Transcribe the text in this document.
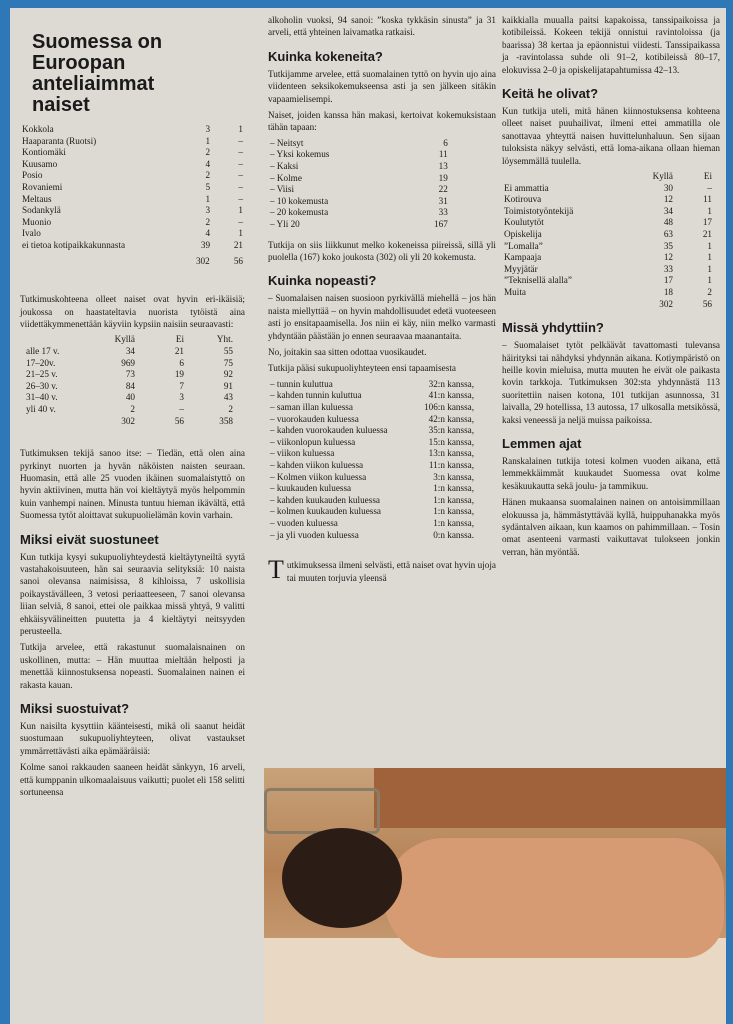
Suomessa on Euroopan anteliaimmat naiset
Kokkola	3	1
Haaparanta (Ruotsi)	1	–
Kontiomäki	2	–
Kuusamo	4	–
Posio	2	–
Rovaniemi	5	–
Meltaus	1	–
Sodankylä	3	1
Muonio	2	–
Ivalo	4	1
ei tietoa kotipaikkakunnasta	39	21
	302	56

Tutkimuskohteena olleet naiset ovat hyvin eri-ikäisiä; joukossa on haastateltavia nuorista tytöistä aina viidettäkymmenettään käyviin kypsiin naisiin seuraavasti:

	Kyllä	Ei	Yht.
alle 17 v.	34	21	55
17–20v.	969	6	75
21–25 v.	73	19	92
26–30 v.	84	7	91
31–40 v.	40	3	43
yli 40 v.	2	–	2
	302	56	358

Tutkimuksen tekijä sanoo itse: – Tiedän, että olen aina pyrkinyt nuorten ja hyvän näköisten naisten seuraan. Huomasin, että alle 25 vuoden ikäinen suomalaistyttö on hyvin aktiivinen, mutta hän voi kieltäytyä myös helpommin kuin vanhempi nainen. Minusta tuntuu hieman ikävältä, että Suomessa tytöt aloittavat sukupuolielämän kovin varhain.

Miksi eivät suostuneet

Kun tutkija kysyi sukupuoliyhteydestä kieltäytyneiltä syytä vastahakoisuuteen, hän sai seuraavia selityksiä: 10 naista sanoi olevansa naimisissa, 8 kihloissa, 7 uskollisia poikaystävälleen, 3 vetosi periaatteeseen, 7 sanoi olevansa liian selviä, 8 sanoi, ettei ole paikkaa missä yhtyä, 9 valitti ehkäisyvälineitten puutetta ja 4 kieltäytyi neitsyyden perusteella.

Tutkija arvelee, että rakastunut suomalaisnainen on uskollinen, mutta: – Hän muuttaa mieltään helposti ja menettää kiinnostuksensa nopeasti. Suomalainen nainen ei rakasta kauan.

Miksi suostuivat?

Kun naisilta kysyttiin käänteisesti, mikä oli saanut heidät suostumaan sukupuoliyhteyteen, olivat vastaukset ymmärrettävästi aika epämääräisiä:

Kolme sanoi rakkauden saaneen heidät sänkyyn, 16 arveli, että kumppanin ulkomaalaisuus vaikutti; puolet eli 158 selitti sortuneensa

alkoholin vuoksi, 94 sanoi: ”koska tykkäsin sinusta” ja 31 arveli, että yhteinen laivamatka ratkaisi.

Kuinka kokeneita?

Tutkijamme arvelee, että suomalainen tyttö on hyvin ujo aina viidenteen seksikokemukseensa asti ja sen jälkeen sitäkin vapaamielisempi.

Naiset, joiden kanssa hän makasi, kertoivat kokemuksistaan tähän tapaan:

– Neitsyt	6
– Yksi kokemus	11
– Kaksi	13
– Kolme	19
– Viisi	22
– 10 kokemusta	31
– 20 kokemusta	33
– Yli 20	167

Tutkija on siis liikkunut melko kokeneissa piireissä, sillä yli puolella (167) koko joukosta (302) oli yli 20 kokemusta.

Kuinka nopeasti?

– Suomalaisen naisen suosioon pyrkivällä miehellä – jos hän naista miellyttää – on hyvin mahdollisuudet edetä vuoteeseen asti jo ensitapaamisella. Jos niin ei käy, niin melko varmasti yhdyntään päästään jo ennen seuraavaa maanantaita.

No, joitakin saa sitten odottaa vuosikaudet.

Tutkija pääsi sukupuoliyhteyteen ensi tapaamisesta

– tunnin kuluttua	32:n kanssa,
– kahden tunnin kuluttua	41:n kanssa,
– saman illan kuluessa	106:n kanssa,
– vuorokauden kuluessa	42:n kanssa,
– kahden vuorokauden kuluessa	35:n kanssa,
– viikonlopun kuluessa	15:n kanssa,
– viikon kuluessa	13:n kanssa,
– kahden viikon kuluessa	11:n kanssa,
– Kolmen viikon kuluessa	3:n kanssa,
– kuukauden kuluessa	1:n kanssa,
– kahden kuukauden kuluessa	1:n kanssa,
– kolmen kuukauden kuluessa	1:n kanssa,
– vuoden kuluessa	1:n kanssa,
– ja yli vuoden kuluessa	0:n kanssa.

Tutkimuksessa ilmeni selvästi, että naiset ovat hyvin ujoja tai muuten torjuvia yleensä

kaikkialla muualla paitsi kapakoissa, tanssipaikoissa ja kotibileissä. Kokeen tekijä onnistui ravintoloissa (ja baarissa) 38 kertaa ja epäonnistui viidesti. Tanssipaikassa ja -ravintolassa suhde oli 91–2, kotibileissä 80–17, elokuvissa 2–0 ja opiskelijatapahtumissa 42–13.

Keitä he olivat?

Kun tutkija uteli, mitä hänen kiinnostuksensa kohteena olleet naiset puuhailivat, ilmeni ettei ammatilla ole sanottavaa yhteyttä naisen huvittelunhaluun. Sen sijaan tuloksista näkyy selvästi, että loma-aikana ollaan hieman löysemmällä tuulella.

	Kyllä	Ei
Ei ammattia	30	–
Kotirouva	12	11
Toimistotyöntekijä	34	1
Koulutytöt	48	17
Opiskelija	63	21
”Lomalla”	35	1
Kampaaja	12	1
Myyjätär	33	1
”Teknisellä alalla”	17	1
Muita	18	2
	302	56
Missä yhdyttiin?

– Suomalaiset tytöt pelkäävät tavattomasti tulevansa häirityksi tai nähdyksi yhdynnän aikana. Kotiympäristö on heille kovin mieluisa, mutta muuten he eivät ole paikasta kovin tarkkoja. Tutkimuksen 302:sta yhdynnästä 113 suoritettiin naisen kotona, 101 tutkijan asunnossa, 31 laivalla, 29 hotellissa, 13 autossa, 17 ulkosalla metsikössä, kaksi veneessä ja neljä muissa paikoissa.

Lemmen ajat

Ranskalainen tutkija totesi kolmen vuoden aikana, että lemmekkäimmät kuukaudet Suomessa ovat kolme kesäkuukautta sekä joulu- ja tammikuu.

Hänen mukaansa suomalainen nainen on antoisimmillaan elokuussa ja, hämmästyttävää kyllä, huippuhanakka myös sydäntalven aikaan, kun kaamos on pahimmillaan. – Tosin omat asenteeni varmasti vaikuttavat tulokseen jonkin verran, hän myöntää.
